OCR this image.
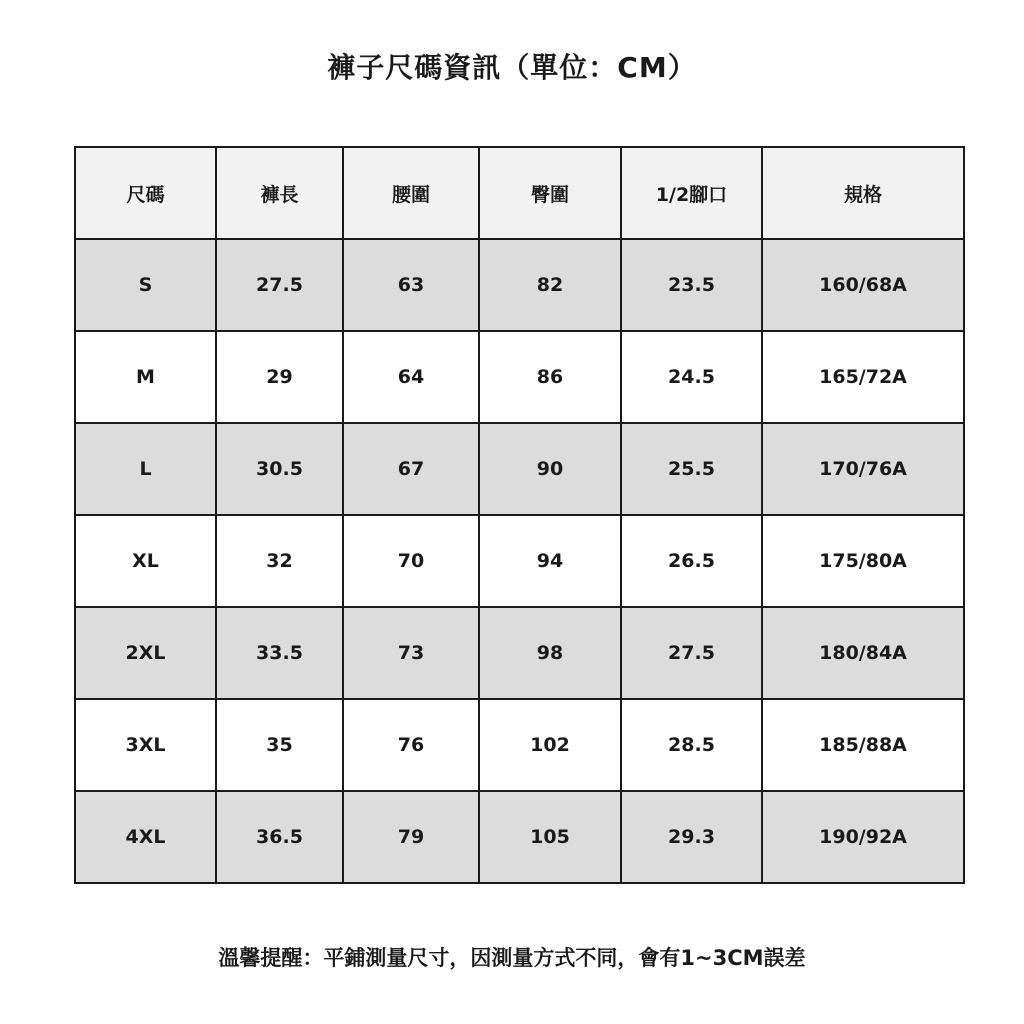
褲子尺碼資訊（單位：CM）
尺碼	褲長	腰圍	臀圍	1/2腳口	規格
S	27.5	63	82	23.5	160/68A
M	29	64	86	24.5	165/72A
L	30.5	67	90	25.5	170/76A
XL	32	70	94	26.5	175/80A
2XL	33.5	73	98	27.5	180/84A
3XL	35	76	102	28.5	185/88A
4XL	36.5	79	105	29.3	190/92A
溫馨提醒：平鋪測量尺寸，因測量方式不同，會有1~3CM誤差
